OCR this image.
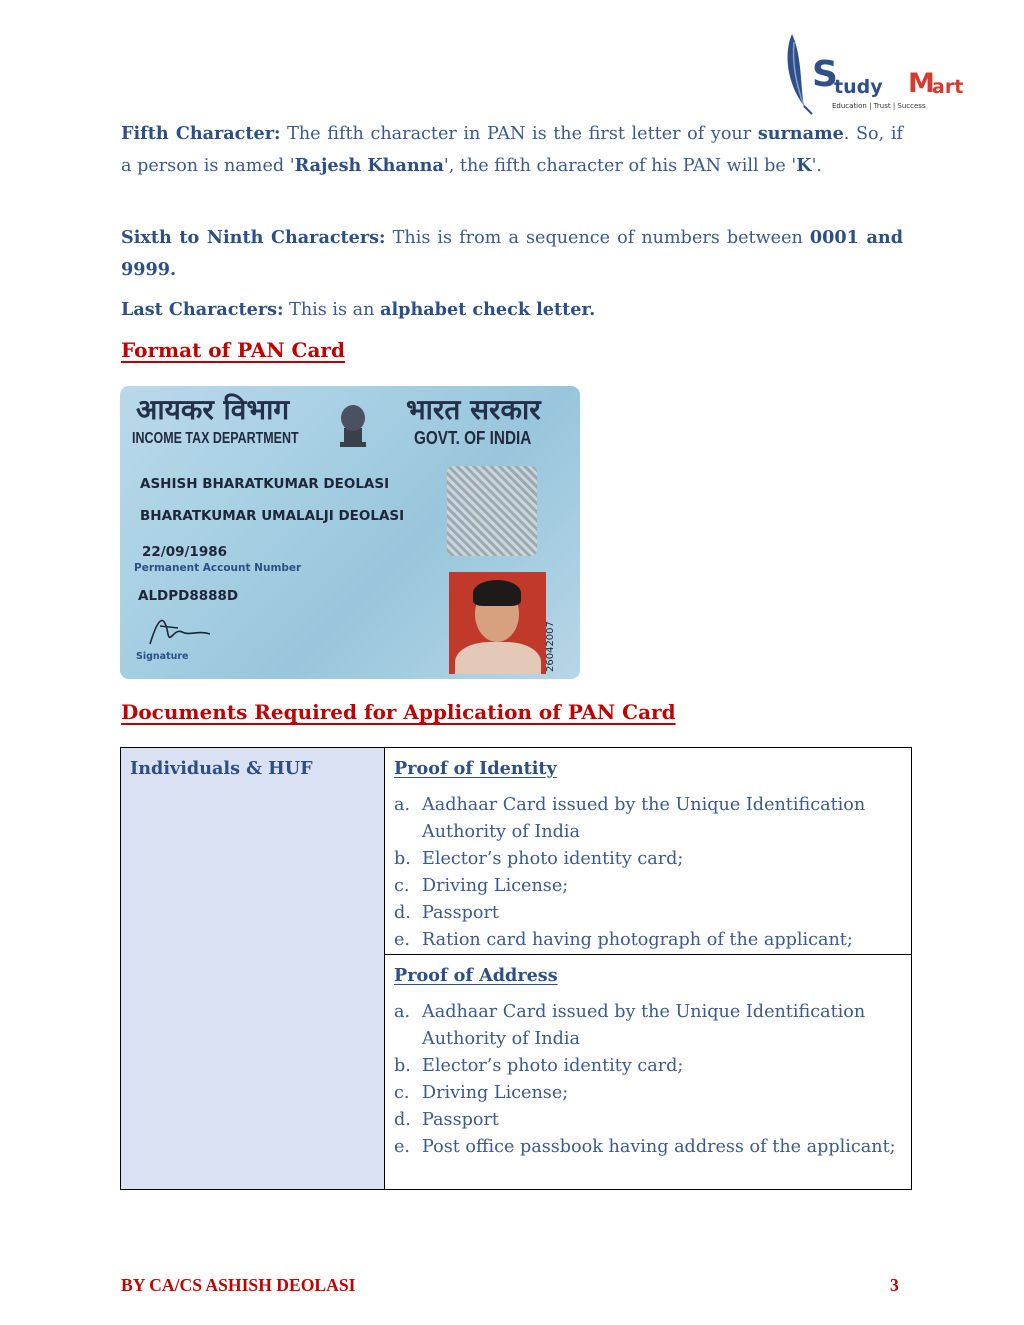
S
tudy M
art
Education | Trust | Success
Fifth Character: The fifth character in PAN is the first letter of your surname. So, if a person is named 'Rajesh Khanna', the fifth character of his PAN will be 'K'.
Sixth to Ninth Characters: This is from a sequence of numbers between 0001 and 9999.
Last Characters: This is an alphabet check letter.
Format of PAN Card
आयकर विभाग	भारत सरकार
INCOME TAX DEPARTMENT	GOVT. OF INDIA
ASHISH BHARATKUMAR DEOLASI
BHARATKUMAR UMALALJI DEOLASI
22/09/1986
Permanent Account Number
ALDPD8888D
Signature	26042007
Documents Required for Application of PAN Card
Individuals & HUF	Proof of Identity
a. Aadhaar Card issued by the Unique Identification Authority of India
b. Elector’s photo identity card;
c. Driving License;
d. Passport
e. Ration card having photograph of the applicant;
Proof of Address
a. Aadhaar Card issued by the Unique Identification Authority of India
b. Elector’s photo identity card;
c. Driving License;
d. Passport
e. Post office passbook having address of the applicant;
BY CA/CS ASHISH DEOLASI	3
